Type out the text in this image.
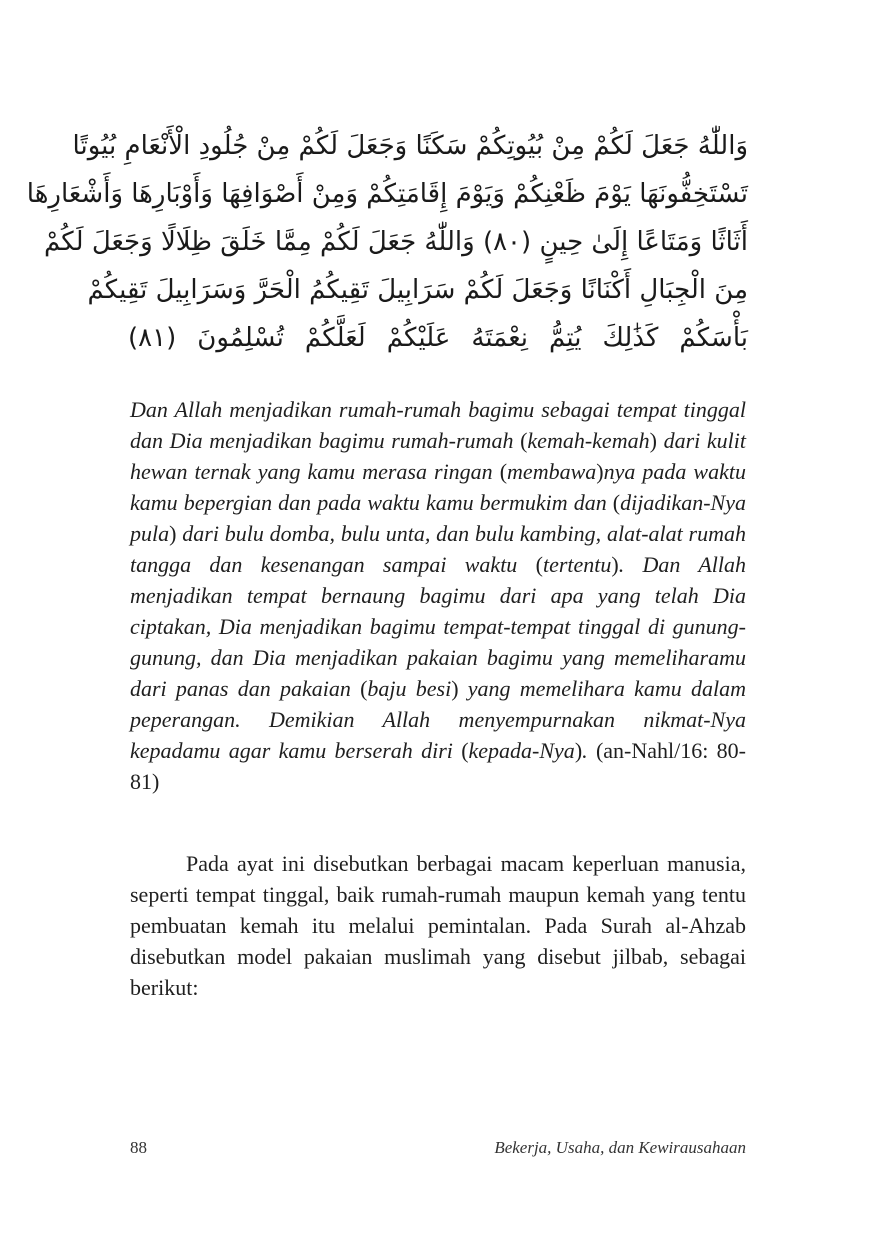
وَاللّٰهُ جَعَلَ لَكُمْ مِنْ بُيُوتِكُمْ سَكَنًا وَجَعَلَ لَكُمْ مِنْ جُلُودِ الْأَنْعَامِ بُيُوتًا
تَسْتَخِفُّونَهَا يَوْمَ ظَعْنِكُمْ وَيَوْمَ إِقَامَتِكُمْ وَمِنْ أَصْوَافِهَا وَأَوْبَارِهَا وَأَشْعَارِهَا
أَثَاثًا وَمَتَاعًا إِلَىٰ حِينٍ (٨٠) وَاللّٰهُ جَعَلَ لَكُمْ مِمَّا خَلَقَ ظِلَالًا وَجَعَلَ لَكُمْ
مِنَ الْجِبَالِ أَكْنَانًا وَجَعَلَ لَكُمْ سَرَابِيلَ تَقِيكُمُ الْحَرَّ وَسَرَابِيلَ تَقِيكُمْ
بَأْسَكُمْ كَذَٰلِكَ يُتِمُّ نِعْمَتَهُ عَلَيْكُمْ لَعَلَّكُمْ تُسْلِمُونَ (٨١)
Dan Allah menjadikan rumah-rumah bagimu sebagai tempat tinggal dan Dia menjadikan bagimu rumah-rumah (kemah-kemah) dari kulit hewan ternak yang kamu merasa ringan (membawa)nya pada waktu kamu bepergian dan pada waktu kamu bermukim dan (dijadikan-Nya pula) dari bulu domba, bulu unta, dan bulu kambing, alat-alat rumah tangga dan kesenangan sampai waktu (tertentu). Dan Allah menjadikan tempat bernaung bagimu dari apa yang telah Dia ciptakan, Dia menjadikan bagimu tempat-tempat tinggal di gunung-gunung, dan Dia menjadikan pakaian bagimu yang memeliharamu dari panas dan pakaian (baju besi) yang memelihara kamu dalam peperangan. Demikian Allah menyempurnakan nikmat-Nya kepadamu agar kamu berserah diri (kepada-Nya). (an-Nahl/16: 80-81)

Pada ayat ini disebutkan berbagai macam keperluan manusia, seperti tempat tinggal, baik rumah-rumah maupun kemah yang tentu pembuatan kemah itu melalui pemintalan. Pada Surah al-Ahzab disebutkan model pakaian muslimah yang disebut jilbab, sebagai berikut:

88	Bekerja, Usaha, dan Kewirausahaan
